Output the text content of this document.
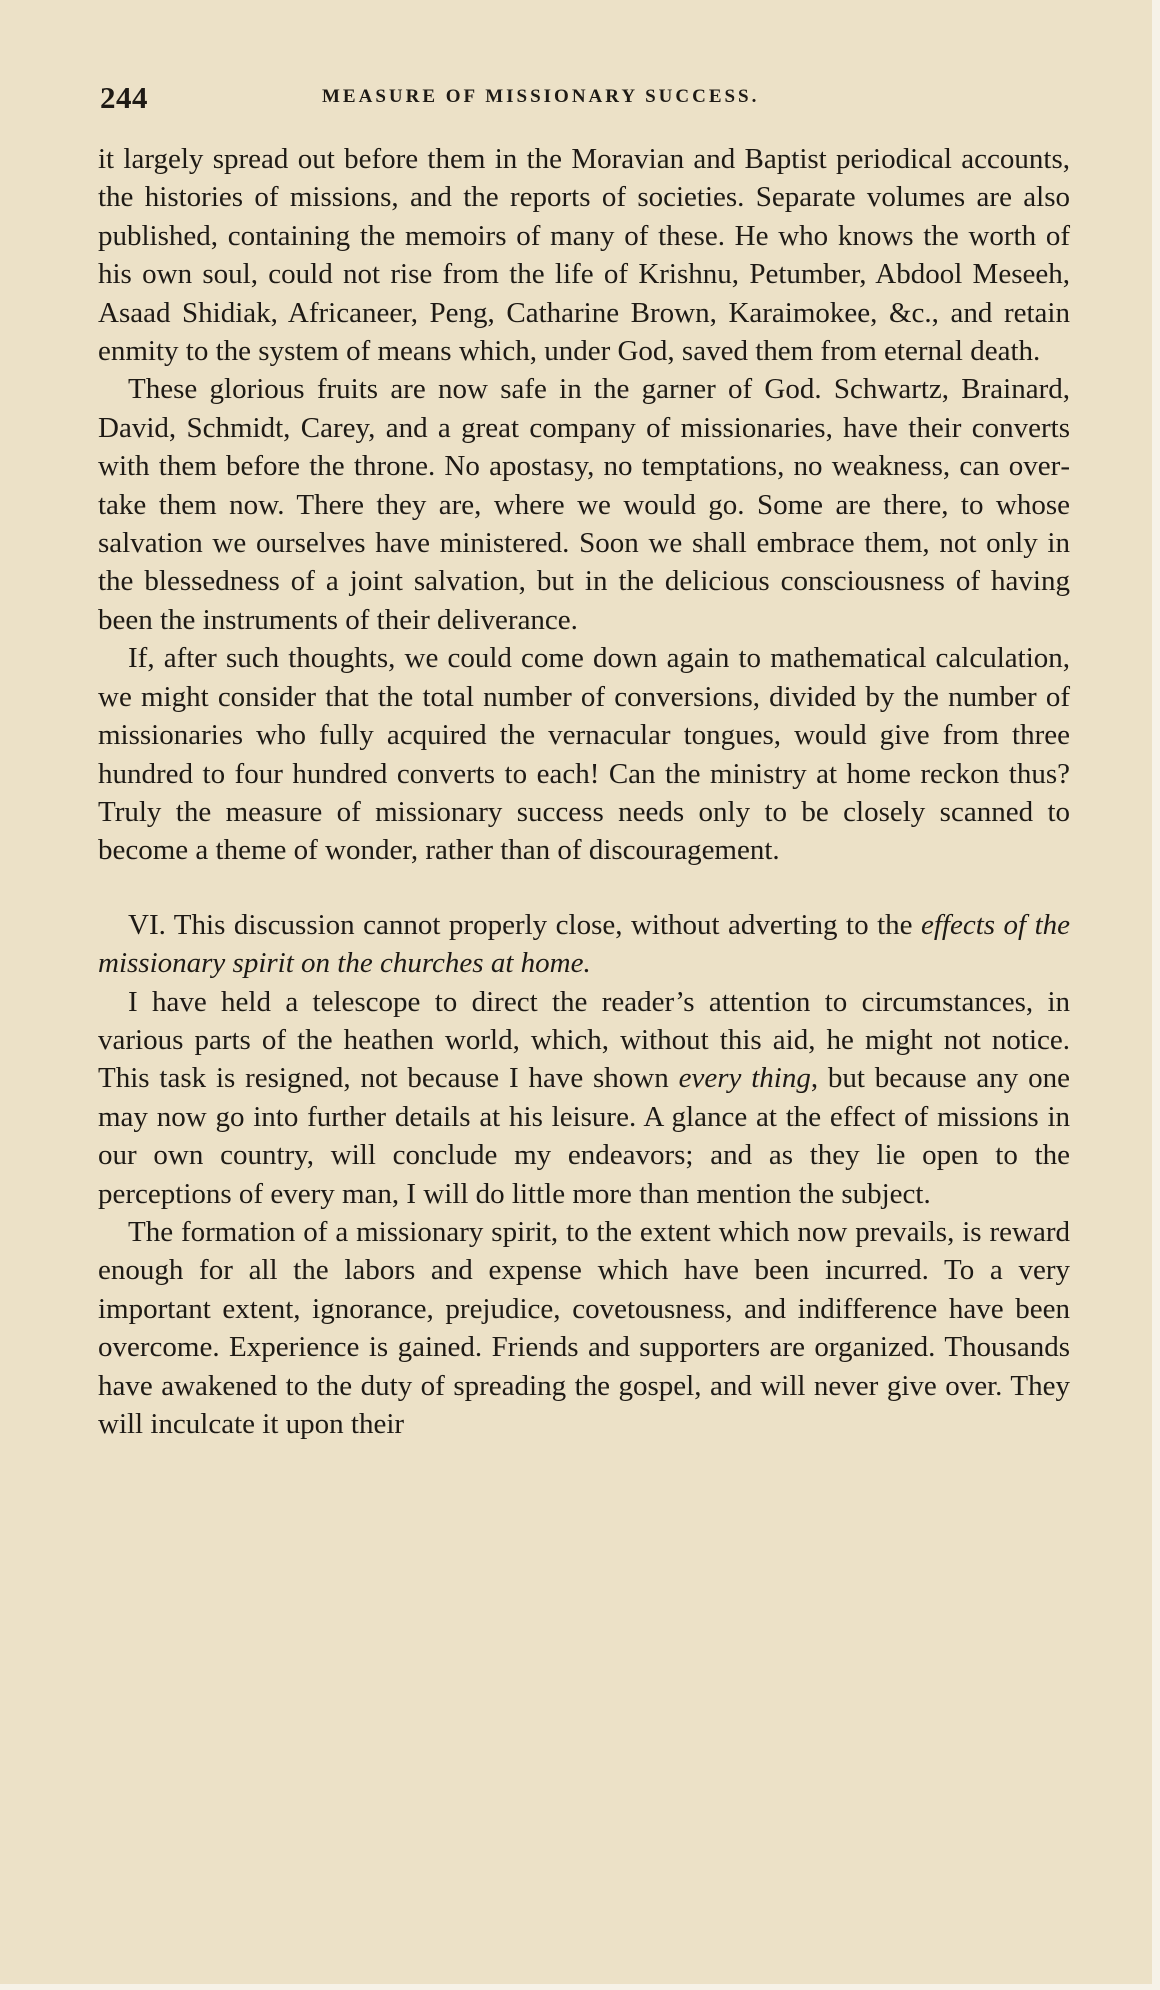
244	MEASURE OF MISSIONARY SUCCESS.

it largely spread out before them in the Moravian and Baptist periodical accounts, the histories of missions, and the reports of societies. Separate volumes are also published, containing the memoirs of many of these. He who knows the worth of his own soul, could not rise from the life of Krishnu, Petumber, Abdool Meseeh, Asaad Shidiak, Africaneer, Peng, Catharine Brown, Karaimokee, &c., and retain enmity to the system of means which, under God, saved them from eternal death.

These glorious fruits are now safe in the garner of God. Schwartz, Brainard, David, Schmidt, Carey, and a great company of missionaries, have their converts with them before the throne. No apostasy, no temptations, no weakness, can overtake them now. There they are, where we would go. Some are there, to whose salvation we ourselves have ministered. Soon we shall embrace them, not only in the blessedness of a joint salvation, but in the delicious consciousness of having been the instruments of their deliverance.

If, after such thoughts, we could come down again to mathematical calculation, we might consider that the total number of conversions, divided by the number of missionaries who fully acquired the vernacular tongues, would give from three hundred to four hundred converts to each! Can the ministry at home reckon thus? Truly the measure of missionary success needs only to be closely scanned to become a theme of wonder, rather than of discouragement.

VI. This discussion cannot properly close, without adverting to the effects of the missionary spirit on the churches at home.

I have held a telescope to direct the reader’s attention to circumstances, in various parts of the heathen world, which, without this aid, he might not notice. This task is resigned, not because I have shown every thing, but because any one may now go into further details at his leisure. A glance at the effect of missions in our own country, will conclude my endeavors; and as they lie open to the perceptions of every man, I will do little more than mention the subject.

The formation of a missionary spirit, to the extent which now prevails, is reward enough for all the labors and expense which have been incurred. To a very important extent, ignorance, prejudice, covetousness, and indifference have been overcome. Experience is gained. Friends and supporters are organized. Thousands have awakened to the duty of spreading the gospel, and will never give over. They will inculcate it upon their
